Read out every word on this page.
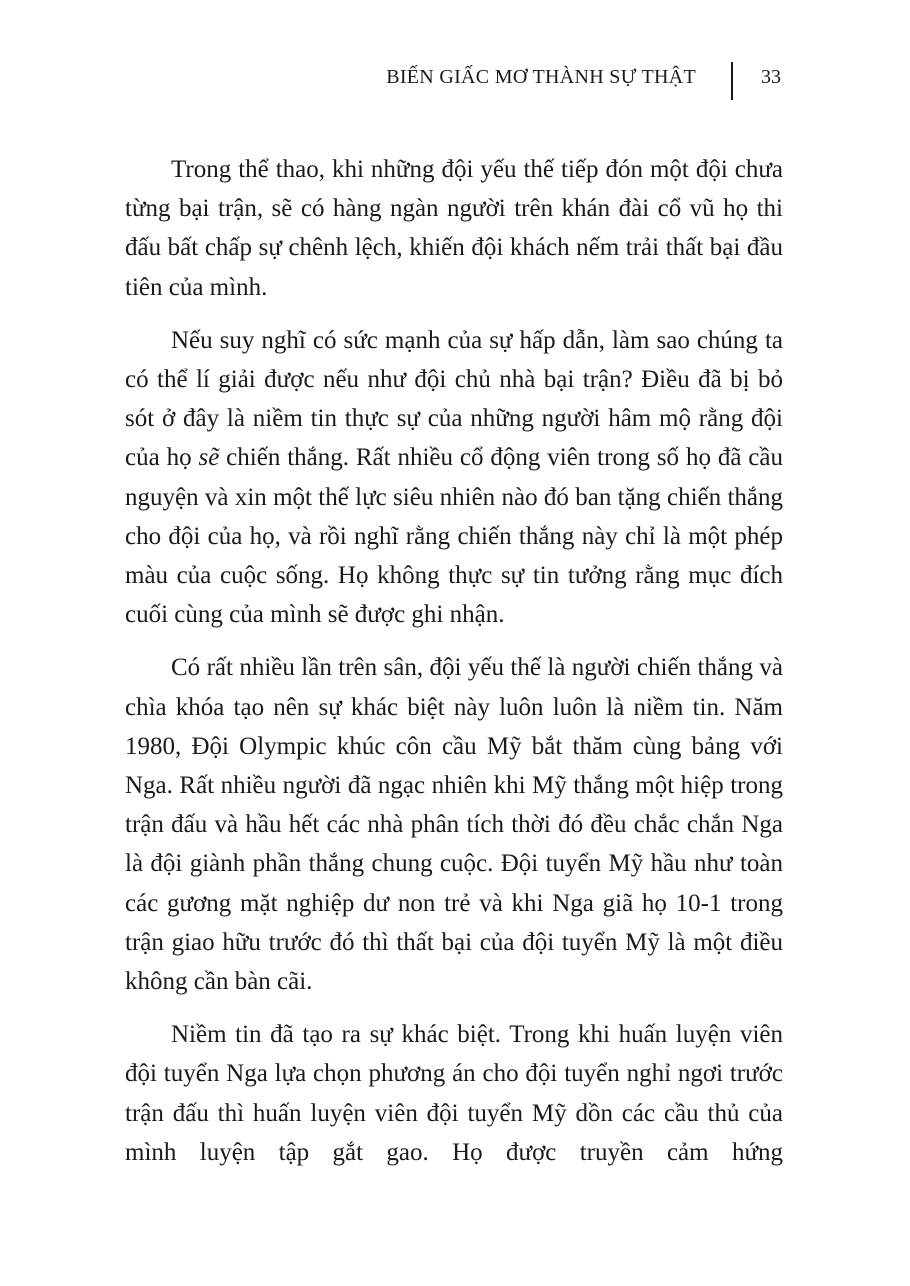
BIẾN GIẤC MƠ THÀNH SỰ THẬT	33

Trong thể thao, khi những đội yếu thế tiếp đón một đội chưa từng bại trận, sẽ có hàng ngàn người trên khán đài cổ vũ họ thi đấu bất chấp sự chênh lệch, khiến đội khách nếm trải thất bại đầu tiên của mình.

Nếu suy nghĩ có sức mạnh của sự hấp dẫn, làm sao chúng ta có thể lí giải được nếu như đội chủ nhà bại trận? Điều đã bị bỏ sót ở đây là niềm tin thực sự của những người hâm mộ rằng đội của họ sẽ chiến thắng. Rất nhiều cổ động viên trong số họ đã cầu nguyện và xin một thế lực siêu nhiên nào đó ban tặng chiến thắng cho đội của họ, và rồi nghĩ rằng chiến thắng này chỉ là một phép màu của cuộc sống. Họ không thực sự tin tưởng rằng mục đích cuối cùng của mình sẽ được ghi nhận.

Có rất nhiều lần trên sân, đội yếu thế là người chiến thắng và chìa khóa tạo nên sự khác biệt này luôn luôn là niềm tin. Năm 1980, Đội Olympic khúc côn cầu Mỹ bắt thăm cùng bảng với Nga. Rất nhiều người đã ngạc nhiên khi Mỹ thắng một hiệp trong trận đấu và hầu hết các nhà phân tích thời đó đều chắc chắn Nga là đội giành phần thắng chung cuộc. Đội tuyển Mỹ hầu như toàn các gương mặt nghiệp dư non trẻ và khi Nga giã họ 10-1 trong trận giao hữu trước đó thì thất bại của đội tuyển Mỹ là một điều không cần bàn cãi.

Niềm tin đã tạo ra sự khác biệt. Trong khi huấn luyện viên đội tuyển Nga lựa chọn phương án cho đội tuyển nghỉ ngơi trước trận đấu thì huấn luyện viên đội tuyển Mỹ dồn các cầu thủ của mình luyện tập gắt gao. Họ được truyền cảm hứng
